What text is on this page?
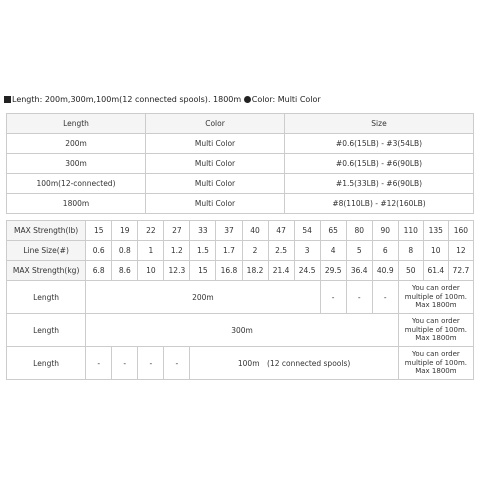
Length: 200m,300m,100m(12 connected spools). 1800m Color: Multi Color
Length	Color	Size
200m	Multi Color	#0.6(15LB) - #3(54LB)
300m	Multi Color	#0.6(15LB) - #6(90LB)
100m(12-connected)	Multi Color	#1.5(33LB) - #6(90LB)
1800m	Multi Color	#8(110LB) - #12(160LB)
MAX Strength(lb)	15	19	22	27	33	37	40	47	54	65	80	90	110	135	160
Line Size(#)	0.6	0.8	1	1.2	1.5	1.7	2	2.5	3	4	5	6	8	10	12
MAX Strength(kg)	6.8	8.6	10	12.3	15	16.8	18.2	21.4	24.5	29.5	36.4	40.9	50	61.4	72.7
Length	200m									-	-	-	You can order multiple of 100m. Max 1800m		
Length	300m												You can order multiple of 100m. Max 1800m		
Length	-	-	-	-	100m　(12 connected spools)								You can order multiple of 100m. Max 1800m		
